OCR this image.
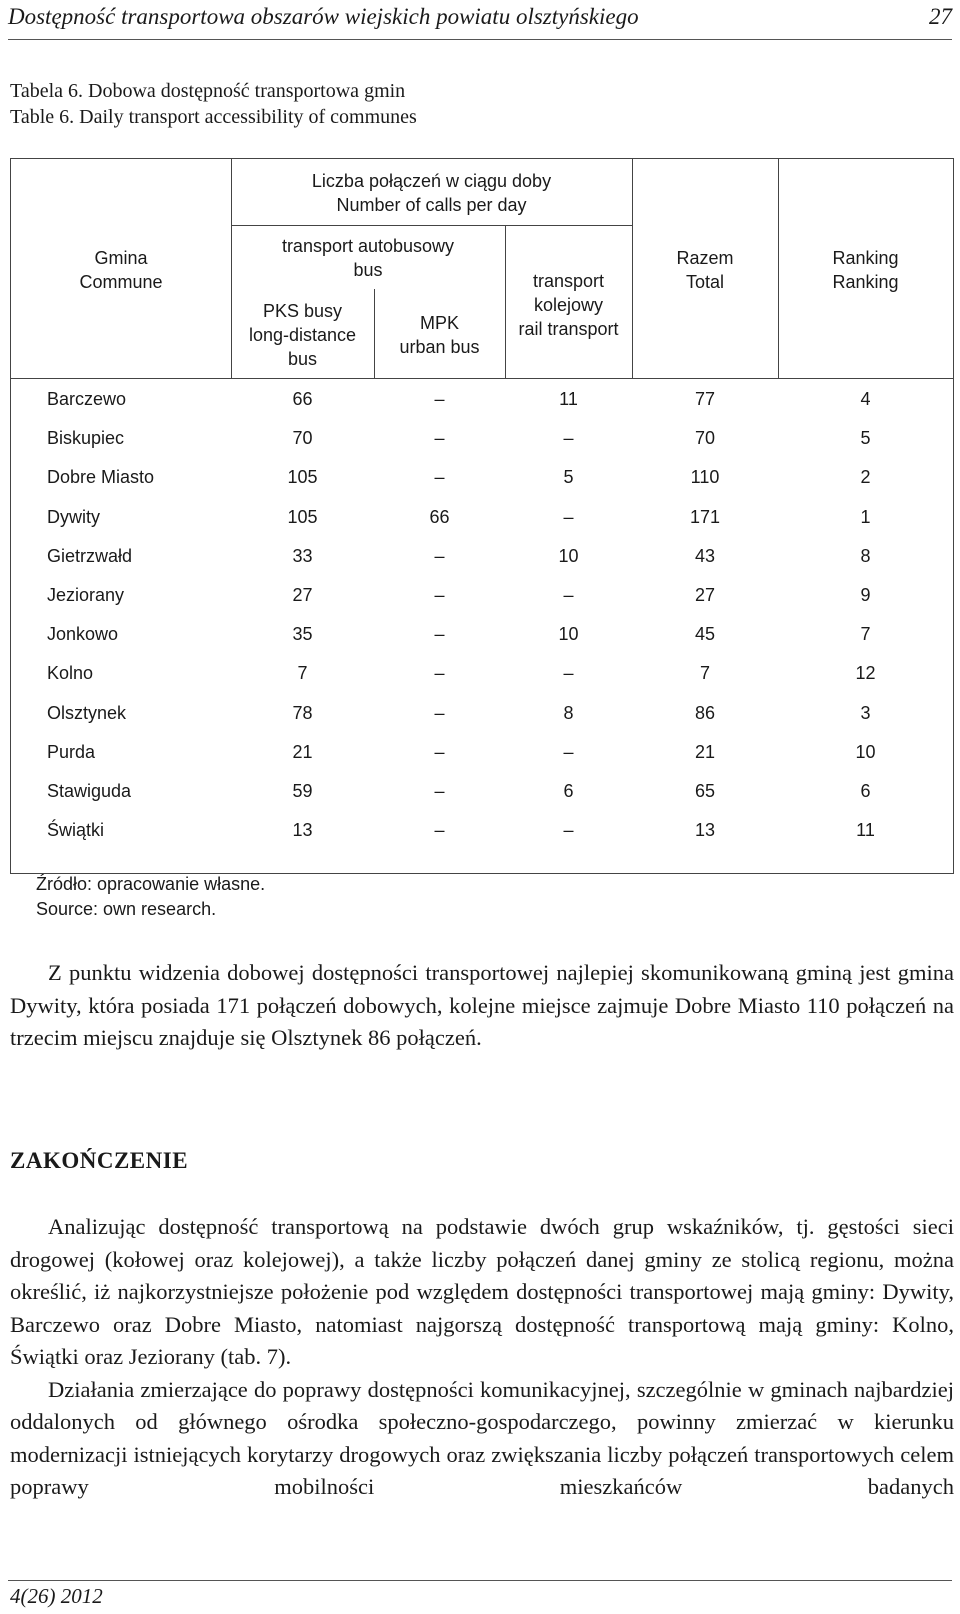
Dostępność transportowa obszarów wiejskich powiatu olsztyńskiego	27
Tabela 6. Dobowa dostępność transportowa gmin
Table 6. Daily transport accessibility of communes
Gmina
Commune
Liczba połączeń w ciągu doby
Number of calls per day
transport autobusowy
bus
PKS busy
long-distance
bus
MPK
urban bus
transport
kolejowy
rail transport
Razem
Total
Ranking
Ranking
Barczewo	66	–	11	77	4
Biskupiec	70	–	–	70	5
Dobre Miasto	105	–	5	110	2
Dywity	105	66	–	171	1
Gietrzwałd	33	–	10	43	8
Jeziorany	27	–	–	27	9
Jonkowo	35	–	10	45	7
Kolno	7	–	–	7	12
Olsztynek	78	–	8	86	3
Purda	21	–	–	21	10
Stawiguda	59	–	6	65	6
Świątki	13	–	–	13	11
Źródło: opracowanie własne.
Source: own research.

Z punktu widzenia dobowej dostępności transportowej najlepiej skomunikowaną gminą jest gmina Dywity, która posiada 171 połączeń dobowych, kolejne miejsce zajmuje Dobre Miasto 110 połączeń na trzecim miejscu znajduje się Olsztynek 86 połączeń.

ZAKOŃCZENIE

Analizując dostępność transportową na podstawie dwóch grup wskaźników, tj. gęstości sieci drogowej (kołowej oraz kolejowej), a także liczby połączeń danej gminy ze stolicą regionu, można określić, iż najkorzystniejsze położenie pod względem dostępności transportowej mają gminy: Dywity, Barczewo oraz Dobre Miasto, natomiast najgorszą dostępność transportową mają gminy: Kolno, Świątki oraz Jeziorany (tab. 7).

Działania zmierzające do poprawy dostępności komunikacyjnej, szczególnie w gminach najbardziej oddalonych od głównego ośrodka społeczno-gospodarczego, powinny zmierzać w kierunku modernizacji istniejących korytarzy drogowych oraz zwiększania liczby połączeń transportowych celem poprawy mobilności mieszkańców badanych

4(26) 2012
